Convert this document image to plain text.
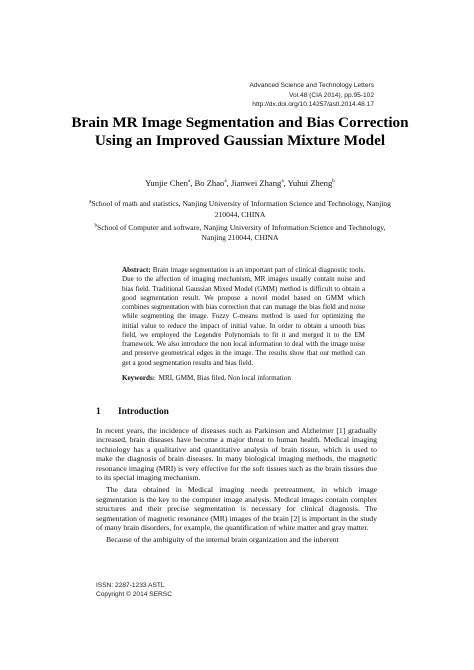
Advanced Science and Technology Letters
Vol.48 (CIA 2014), pp.95-102
http://dx.doi.org/10.14257/astl.2014.48.17
Brain MR Image Segmentation and Bias Correction Using an Improved Gaussian Mixture Model
Yunjie Chen$^a$, Bo Zhao$^a$, Jianwei Zhang$^a$, Yuhui Zheng$^b$
$^a$School of math and statistics, Nanjing University of Information Science and Technology, Nanjing 210044, CHINA
$^b$School of Computer and software, Nanjing University of Information Science and Technology,
Nanjing 210044, CHINA
Abstract: Brain image segmentation is an important part of clinical diagnostic tools. Due to the affection of imaging mechanism, MR images usually contain noise and bias field. Traditional Gaussian Mixed Model (GMM) method is difficult to obtain a good segmentation result. We propose a novel model based on GMM which combines segmentation with bias correction that can manage the bias field and noise while segmenting the image. Fuzzy C-means method is used for optimizing the initial value to reduce the impact of initial value. In order to obtain a smooth bias field, we employed the Legendre Polynomials to fit it and merged it to the EM framework. We also introduce the non local information to deal with the image noise and preserve geometrical edges in the image. The results show that our method can get a good segmentation results and bias field.
Keywords: MRI, GMM, Bias filed, Non local information
1 Introduction

In recent years, the incidence of diseases such as Parkinson and Alzheimer [1] gradually increased, brain diseases have become a major threat to human health. Medical imaging technology has a qualitative and quantitative analysis of brain tissue, which is used to make the diagnosis of brain diseases. In many biological imaging methods, the magnetic resonance imaging (MRI) is very effective for the soft tissues such as the brain tissues due to its special imaging mechanism.

The data obtained in Medical imaging needs pretreatment, in which image segmentation is the key to the computer image analysis. Medical images contain complex structures and their precise segmentation is necessary for clinical diagnosis. The segmentation of magnetic resonance (MR) images of the brain [2] is important in the study of many brain disorders, for example, the quantification of white matter and gray matter.

Because of the ambiguity of the internal brain organization and the inherent

ISSN: 2287-1233 ASTL
Copyright © 2014 SERSC
